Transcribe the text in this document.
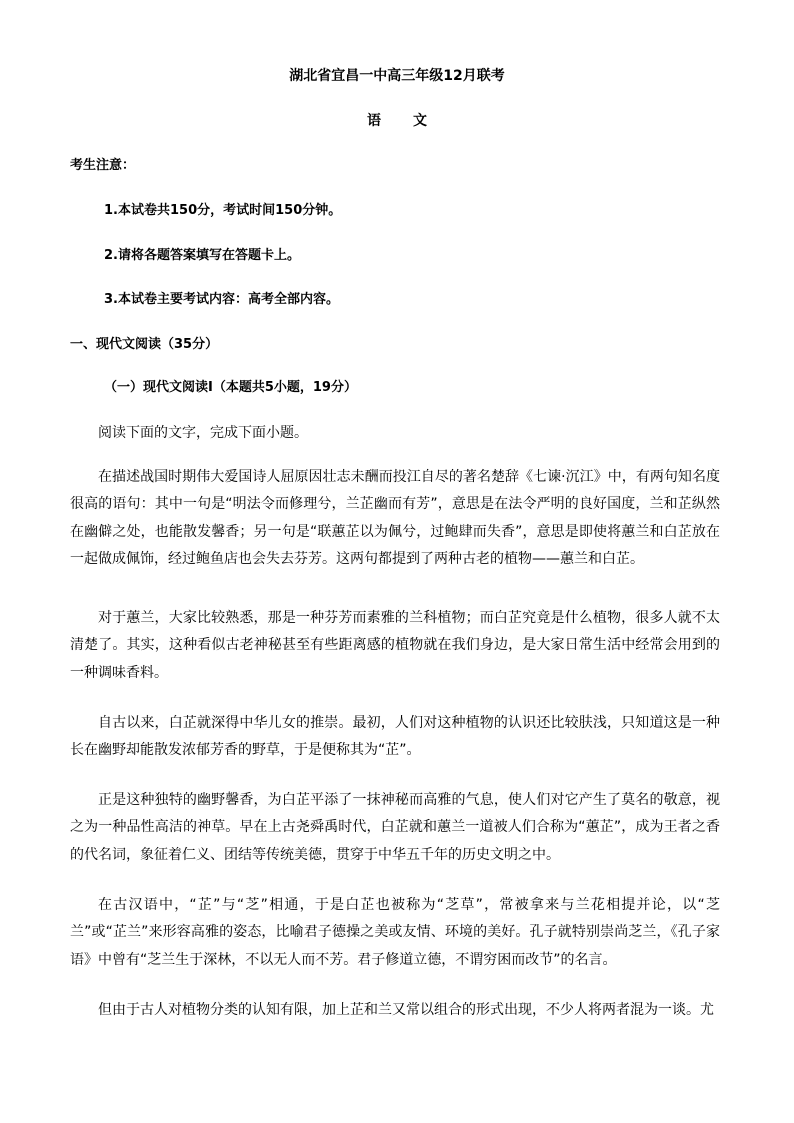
湖北省宜昌一中高三年级12月联考
语 文
考生注意：
1.本试卷共150分，考试时间150分钟。
2.请将各题答案填写在答题卡上。
3.本试卷主要考试内容：高考全部内容。
一、现代文阅读（35分）
（一）现代文阅读Ⅰ（本题共5小题，19分）

阅读下面的文字，完成下面小题。

在描述战国时期伟大爱国诗人屈原因壮志未酬而投江自尽的著名楚辞《七谏·沉江》中，有两句知名度很高的语句：其中一句是“明法令而修理兮，兰芷幽而有芳”，意思是在法令严明的良好国度，兰和芷纵然在幽僻之处，也能散发馨香；另一句是“联蕙芷以为佩兮，过鲍肆而失香”，意思是即使将蕙兰和白芷放在一起做成佩饰，经过鲍鱼店也会失去芬芳。这两句都提到了两种古老的植物——蕙兰和白芷。

对于蕙兰，大家比较熟悉，那是一种芬芳而素雅的兰科植物；而白芷究竟是什么植物，很多人就不太清楚了。其实，这种看似古老神秘甚至有些距离感的植物就在我们身边，是大家日常生活中经常会用到的一种调味香料。

自古以来，白芷就深得中华儿女的推崇。最初，人们对这种植物的认识还比较肤浅，只知道这是一种长在幽野却能散发浓郁芳香的野草，于是便称其为“芷”。

正是这种独特的幽野馨香，为白芷平添了一抹神秘而高雅的气息，使人们对它产生了莫名的敬意，视之为一种品性高洁的神草。早在上古尧舜禹时代，白芷就和蕙兰一道被人们合称为“蕙芷”，成为王者之香的代名词，象征着仁义、团结等传统美德，贯穿于中华五千年的历史文明之中。

在古汉语中，“芷”与“芝”相通，于是白芷也被称为“芝草”，常被拿来与兰花相提并论，以“芝兰”或“芷兰”来形容高雅的姿态，比喻君子德操之美或友情、环境的美好。孔子就特别崇尚芝兰，《孔子家语》中曾有“芝兰生于深林，不以无人而不芳。君子修道立德，不谓穷困而改节”的名言。

但由于古人对植物分类的认知有限，加上芷和兰又常以组合的形式出现，不少人将两者混为一谈。尤
